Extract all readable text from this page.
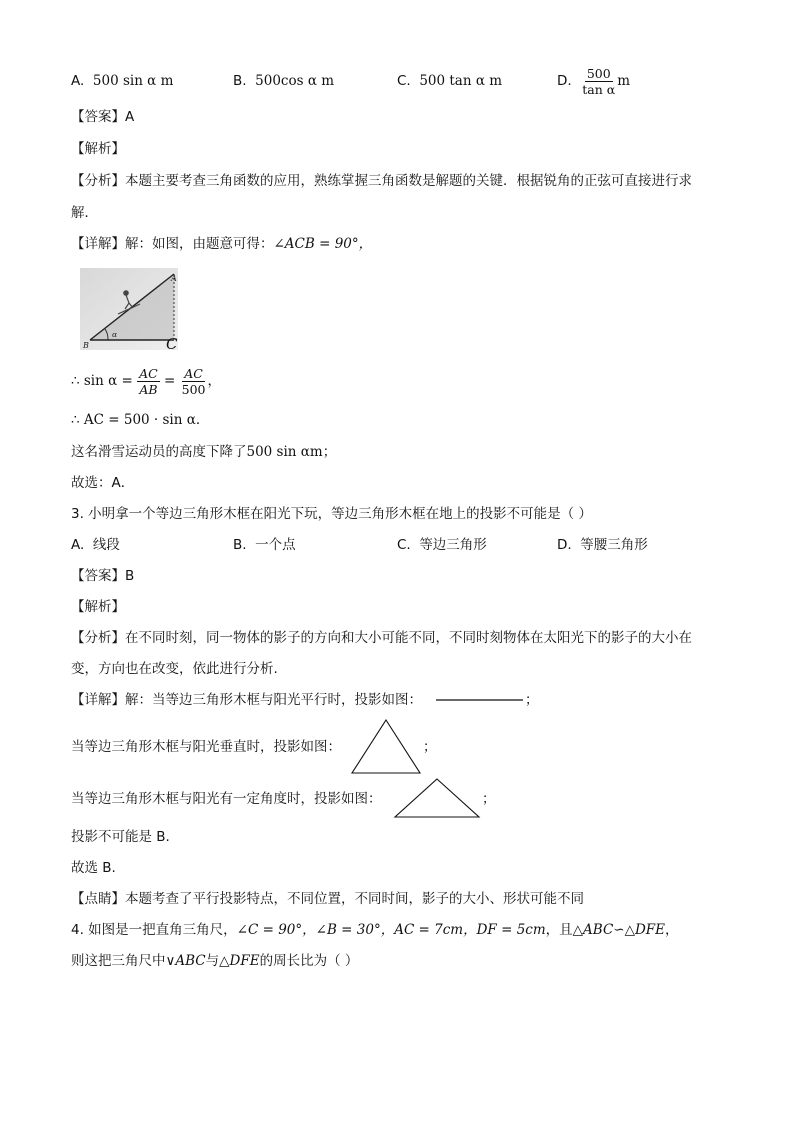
A. 500 sin α m	B. 500cos α m	C. 500 tan α m	D. $\frac{500}{\text{tan α}}$ m
【答案】A
【解析】
【分析】本题主要考查三角函数的应用，熟练掌握三角函数是解题的关键．根据锐角的正弦可直接进行求
解．
【详解】解：如图，由题意可得：∠ACB = 90°，
A
B	C
α
∴ $\sin \alpha = \frac{AC}{AB} = \frac{AC}{500}$ ，
∴ AC = 500 · sin α．
这名滑雪运动员的高度下降了500 sin αm；
故选：A．
3. 小明拿一个等边三角形木框在阳光下玩，等边三角形木框在地上的投影不可能是（ ）
A. 线段	B. 一个点	C. 等边三角形	D. 等腰三角形
【答案】B
【解析】
【分析】在不同时刻，同一物体的影子的方向和大小可能不同，不同时刻物体在太阳光下的影子的大小在
变，方向也在改变，依此进行分析.
【详解】解：当等边三角形木框与阳光平行时，投影如图：	；
当等边三角形木框与阳光垂直时，投影如图：	；
当等边三角形木框与阳光有一定角度时，投影如图：	；
投影不可能是 B.
故选 B.
【点睛】本题考查了平行投影特点，不同位置，不同时间，影子的大小、形状可能不同
4. 如图是一把直角三角尺，∠C = 90°，∠B = 30°，AC = 7cm，DF = 5cm，且△ABC∽△DFE，
则这把三角尺中∨ABC与△DFE的周长比为（ ）
